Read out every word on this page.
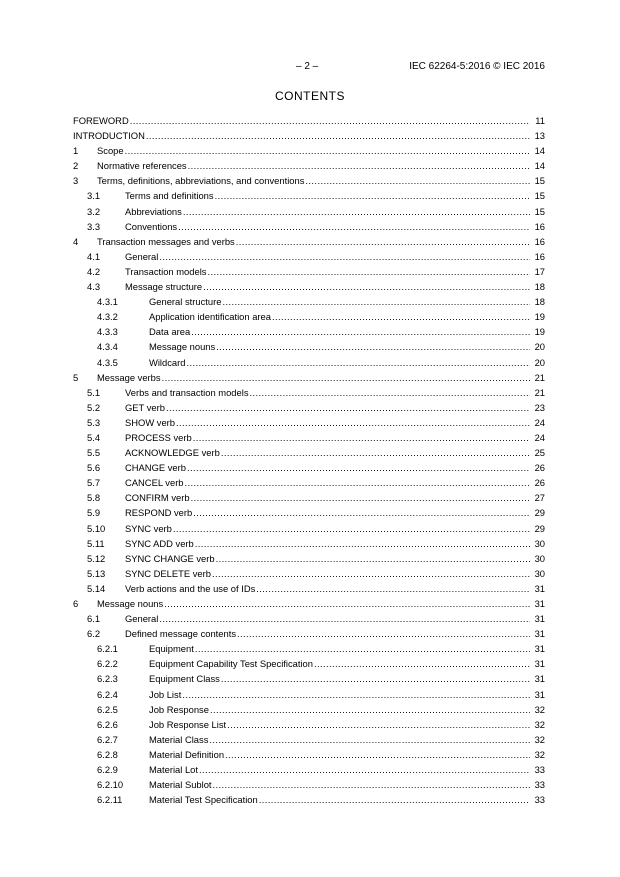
– 2 –	IEC 62264-5:2016 © IEC 2016
CONTENTS
FOREWORD .....	11
INTRODUCTION .....	13
1	Scope .....	14
2	Normative references .....	14
3	Terms, definitions, abbreviations, and conventions .....	15
3.1	Terms and definitions .....	15
3.2	Abbreviations .....	15
3.3	Conventions .....	16
4	Transaction messages and verbs .....	16
4.1	General .....	16
4.2	Transaction models .....	17
4.3	Message structure .....	18
4.3.1	General structure .....	18
4.3.2	Application identification area .....	19
4.3.3	Data area .....	19
4.3.4	Message nouns .....	20
4.3.5	Wildcard .....	20
5	Message verbs .....	21
5.1	Verbs and transaction models .....	21
5.2	GET verb .....	23
5.3	SHOW verb .....	24
5.4	PROCESS verb .....	24
5.5	ACKNOWLEDGE verb .....	25
5.6	CHANGE verb .....	26
5.7	CANCEL verb .....	26
5.8	CONFIRM verb .....	27
5.9	RESPOND verb .....	29
5.10	SYNC verb .....	29
5.11	SYNC ADD verb .....	30
5.12	SYNC CHANGE verb .....	30
5.13	SYNC DELETE verb .....	30
5.14	Verb actions and the use of IDs .....	31
6	Message nouns .....	31
6.1	General .....	31
6.2	Defined message contents .....	31
6.2.1	Equipment .....	31
6.2.2	Equipment Capability Test Specification .....	31
6.2.3	Equipment Class .....	31
6.2.4	Job List .....	31
6.2.5	Job Response .....	32
6.2.6	Job Response List .....	32
6.2.7	Material Class .....	32
6.2.8	Material Definition .....	32
6.2.9	Material Lot .....	33
6.2.10	Material Sublot .....	33
6.2.11	Material Test Specification .....	33
